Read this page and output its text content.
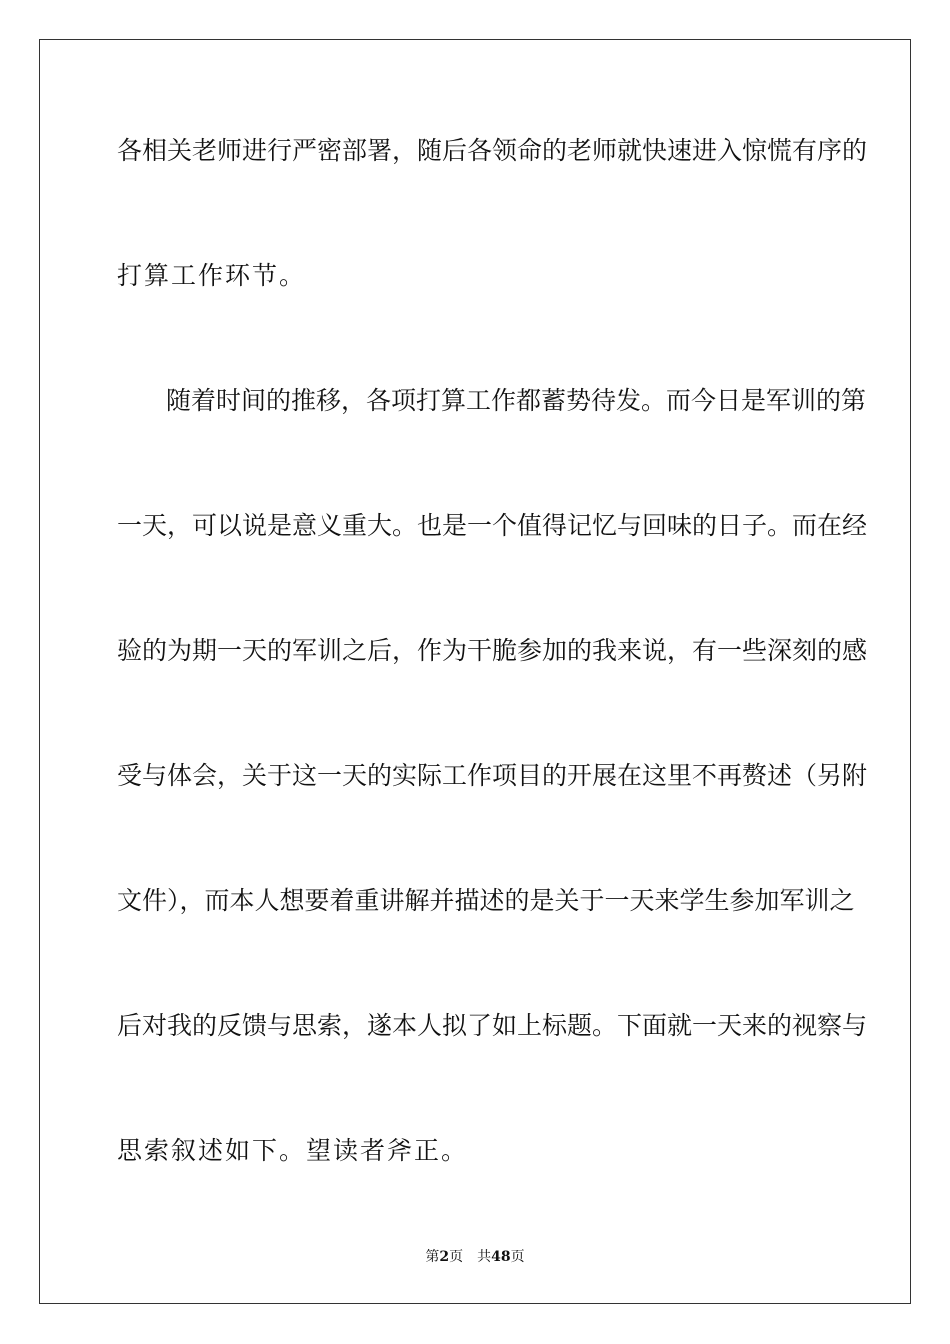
各相关老师进行严密部署，随后各领命的老师就快速进入惊慌有序的
打算工作环节。
随着时间的推移，各项打算工作都蓄势待发。而今日是军训的第
一天，可以说是意义重大。也是一个值得记忆与回味的日子。而在经
验的为期一天的军训之后，作为干脆参加的我来说，有一些深刻的感
受与体会，关于这一天的实际工作项目的开展在这里不再赘述（另附
文件），而本人想要着重讲解并描述的是关于一天来学生参加军训之
后对我的反馈与思索，遂本人拟了如上标题。下面就一天来的视察与
思索叙述如下。望读者斧正。
第2页 共48页
